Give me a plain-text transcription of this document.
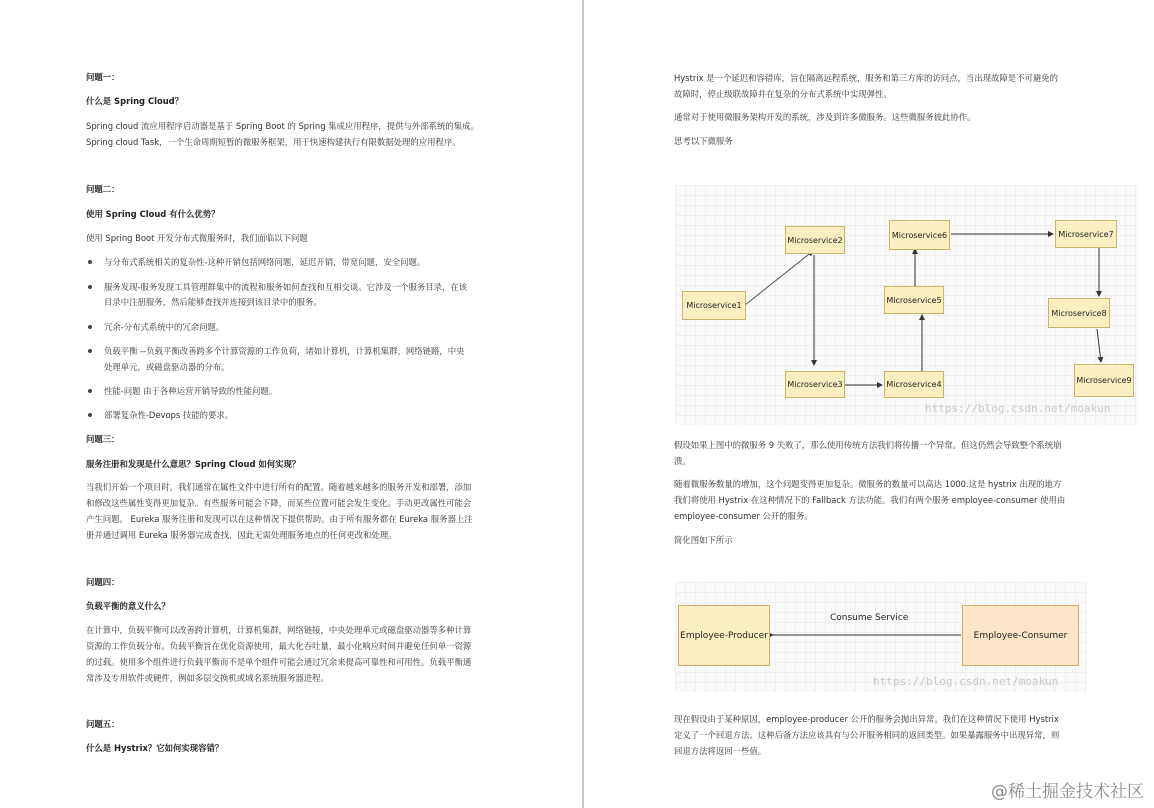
问题一：
什么是 Spring Cloud？
Spring cloud 流应用程序启动器是基于 Spring Boot 的 Spring 集成应用程序，提供与外部系统的集成。
Spring cloud Task，一个生命周期短暂的微服务框架，用于快速构建执行有限数据处理的应用程序。
问题二：
使用 Spring Cloud 有什么优势？
使用 Spring Boot 开发分布式微服务时，我们面临以下问题
与分布式系统相关的复杂性-这种开销包括网络问题，延迟开销，带宽问题，安全问题。
服务发现-服务发现工具管理群集中的流程和服务如何查找和互相交谈。它涉及一个服务目录，在该
目录中注册服务，然后能够查找并连接到该目录中的服务。
冗余-分布式系统中的冗余问题。
负载平衡 --负载平衡改善跨多个计算资源的工作负荷，诸如计算机，计算机集群，网络链路，中央
处理单元，或磁盘驱动器的分布。
性能-问题 由于各种运营开销导致的性能问题。
部署复杂性-Devops 技能的要求。
问题三：
服务注册和发现是什么意思？Spring Cloud 如何实现？
当我们开始一个项目时，我们通常在属性文件中进行所有的配置。随着越来越多的服务开发和部署，添加
和修改这些属性变得更加复杂。有些服务可能会下降，而某些位置可能会发生变化。手动更改属性可能会
产生问题。 Eureka 服务注册和发现可以在这种情况下提供帮助。由于所有服务都在 Eureka 服务器上注
册并通过调用 Eureka 服务器完成查找，因此无需处理服务地点的任何更改和处理。
问题四：
负载平衡的意义什么？
在计算中，负载平衡可以改善跨计算机，计算机集群，网络链接，中央处理单元或磁盘驱动器等多种计算
资源的工作负载分布。负载平衡旨在优化资源使用，最大化吞吐量，最小化响应时间并避免任何单一资源
的过载。使用多个组件进行负载平衡而不是单个组件可能会通过冗余来提高可靠性和可用性。负载平衡通
常涉及专用软件或硬件，例如多层交换机或域名系统服务器进程。
问题五：
什么是 Hystrix？它如何实现容错？
Hystrix 是一个延迟和容错库，旨在隔离远程系统，服务和第三方库的访问点，当出现故障是不可避免的
故障时，停止级联故障并在复杂的分布式系统中实现弹性。
通常对于使用微服务架构开发的系统，涉及到许多微服务。这些微服务彼此协作。
思考以下微服务
Microservice1
Microservice2
Microservice3	Microservice4
Microservice5
Microservice6	Microservice7
Microservice8
Microservice9
https://blog.csdn.net/moakun
假设如果上图中的微服务 9 失败了，那么使用传统方法我们将传播一个异常。但这仍然会导致整个系统崩
溃。
随着微服务数量的增加，这个问题变得更加复杂。微服务的数量可以高达 1000.这是 hystrix 出现的地方
我们将使用 Hystrix 在这种情况下的 Fallback 方法功能。我们有两个服务 employee-consumer 使用由
employee-consumer 公开的服务。
简化图如下所示
Employee-Producer	Employee-Consumer
Consume Service
https://blog.csdn.net/moakun
现在假设由于某种原因，employee-producer 公开的服务会抛出异常。我们在这种情况下使用 Hystrix
定义了一个回退方法。这种后备方法应该具有与公开服务相同的返回类型。如果暴露服务中出现异常，则
回退方法将返回一些值。
@稀土掘金技术社区
